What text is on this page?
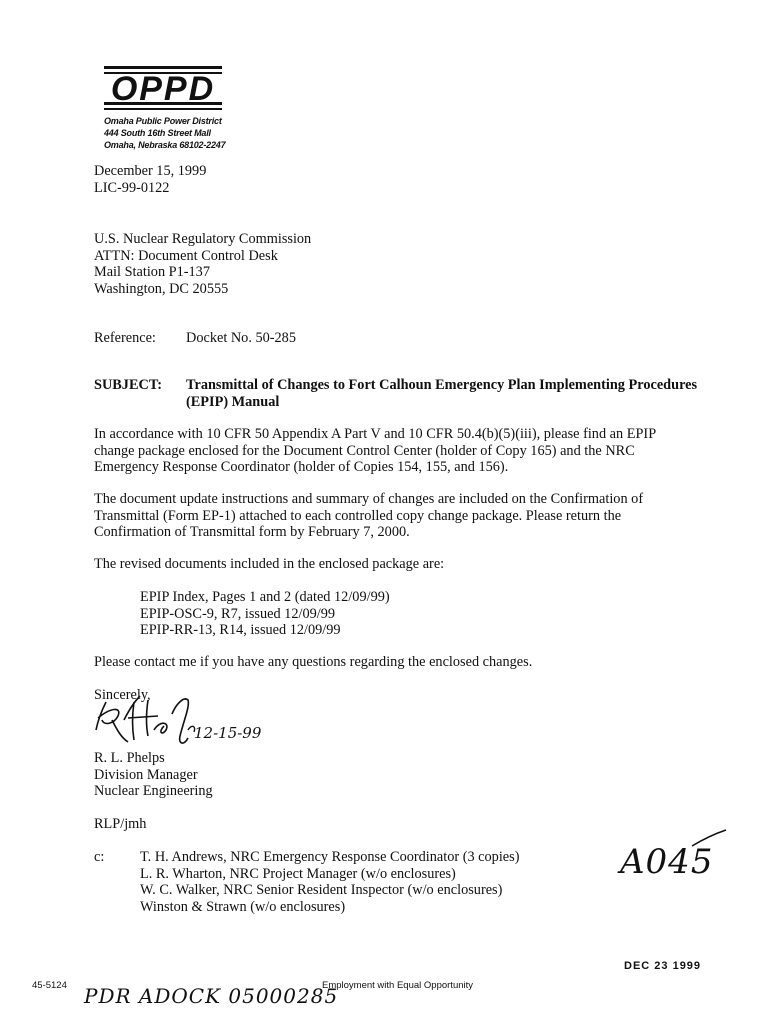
OPPD
Omaha Public Power District
444 South 16th Street Mall
Omaha, Nebraska 68102-2247
December 15, 1999
LIC-99-0122
U.S. Nuclear Regulatory Commission
ATTN: Document Control Desk
Mail Station P1-137
Washington, DC 20555
Reference: Docket No. 50-285
SUBJECT: Transmittal of Changes to Fort Calhoun Emergency Plan Implementing Procedures
(EPIP) Manual
In accordance with 10 CFR 50 Appendix A Part V and 10 CFR 50.4(b)(5)(iii), please find an EPIP
change package enclosed for the Document Control Center (holder of Copy 165) and the NRC
Emergency Response Coordinator (holder of Copies 154, 155, and 156).
The document update instructions and summary of changes are included on the Confirmation of
Transmittal (Form EP-1) attached to each controlled copy change package. Please return the
Confirmation of Transmittal form by February 7, 2000.
The revised documents included in the enclosed package are:
EPIP Index, Pages 1 and 2 (dated 12/09/99)
EPIP-OSC-9, R7, issued 12/09/99
EPIP-RR-13, R14, issued 12/09/99
Please contact me if you have any questions regarding the enclosed changes.
Sincerely,
12-15-99
R. L. Phelps
Division Manager
Nuclear Engineering
RLP/jmh
c: T. H. Andrews, NRC Emergency Response Coordinator (3 copies)
L. R. Wharton, NRC Project Manager (w/o enclosures)
W. C. Walker, NRC Senior Resident Inspector (w/o enclosures)
Winston & Strawn (w/o enclosures)
A045
DEC 23 1999
PDR ADOCK 05000285
45-5124	Employment with Equal Opportunity
